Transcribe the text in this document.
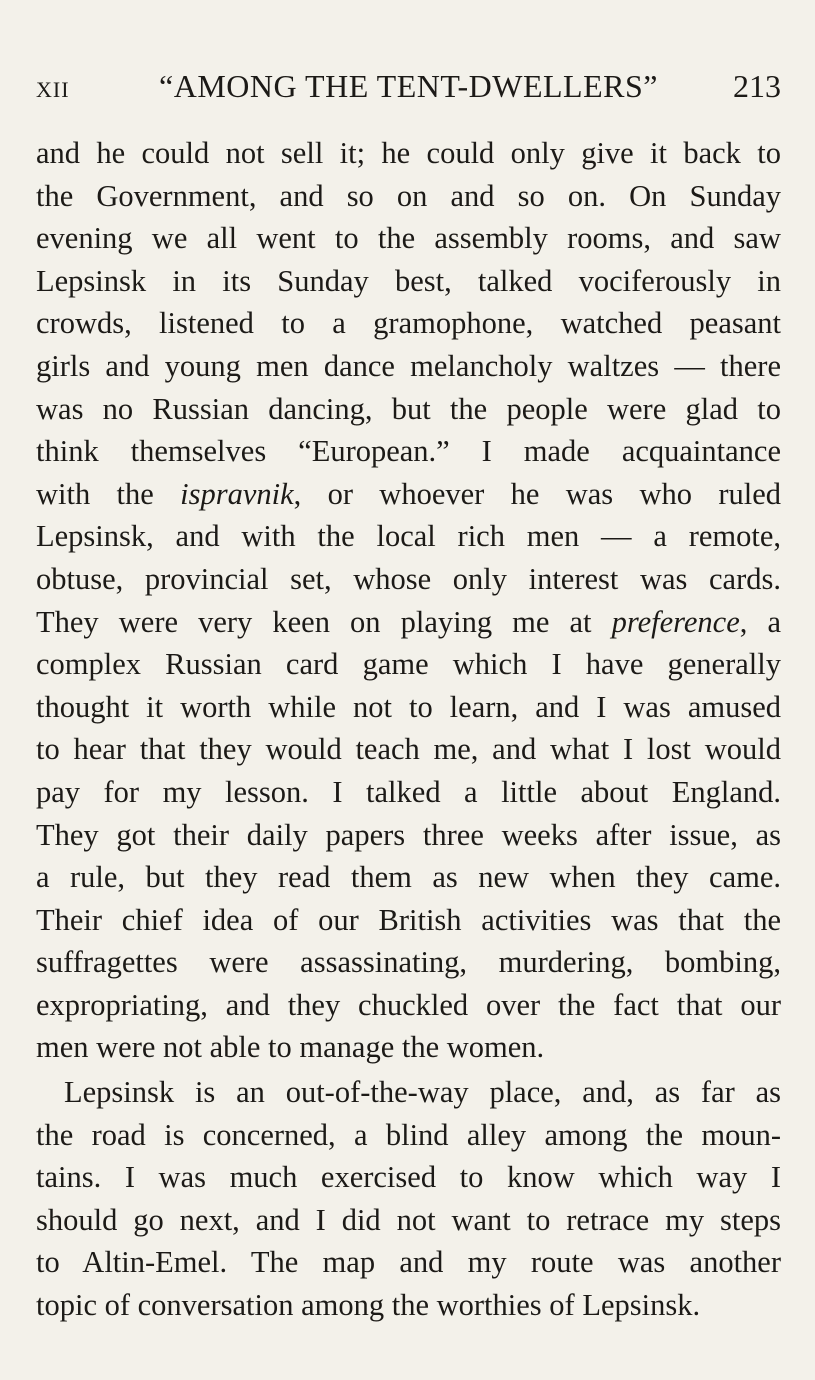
xii	“AMONG THE TENT-DWELLERS”	213
and he could not sell it; he could only give it back to
the Government, and so on and so on. On Sunday
evening we all went to the assembly rooms, and saw
Lepsinsk in its Sunday best, talked vociferously in
crowds, listened to a gramophone, watched peasant
girls and young men dance melancholy waltzes — there
was no Russian dancing, but the people were glad to
think themselves “European.” I made acquaintance
with the ispravnik, or whoever he was who ruled
Lepsinsk, and with the local rich men — a remote,
obtuse, provincial set, whose only interest was cards.
They were very keen on playing me at preference, a
complex Russian card game which I have generally
thought it worth while not to learn, and I was amused
to hear that they would teach me, and what I lost would
pay for my lesson. I talked a little about England.
They got their daily papers three weeks after issue, as
a rule, but they read them as new when they came.
Their chief idea of our British activities was that the
suffragettes were assassinating, murdering, bombing,
expropriating, and they chuckled over the fact that our
men were not able to manage the women.
Lepsinsk is an out-of-the-way place, and, as far as
the road is concerned, a blind alley among the moun-
tains. I was much exercised to know which way I
should go next, and I did not want to retrace my steps
to Altin-Emel. The map and my route was another
topic of conversation among the worthies of Lepsinsk.
